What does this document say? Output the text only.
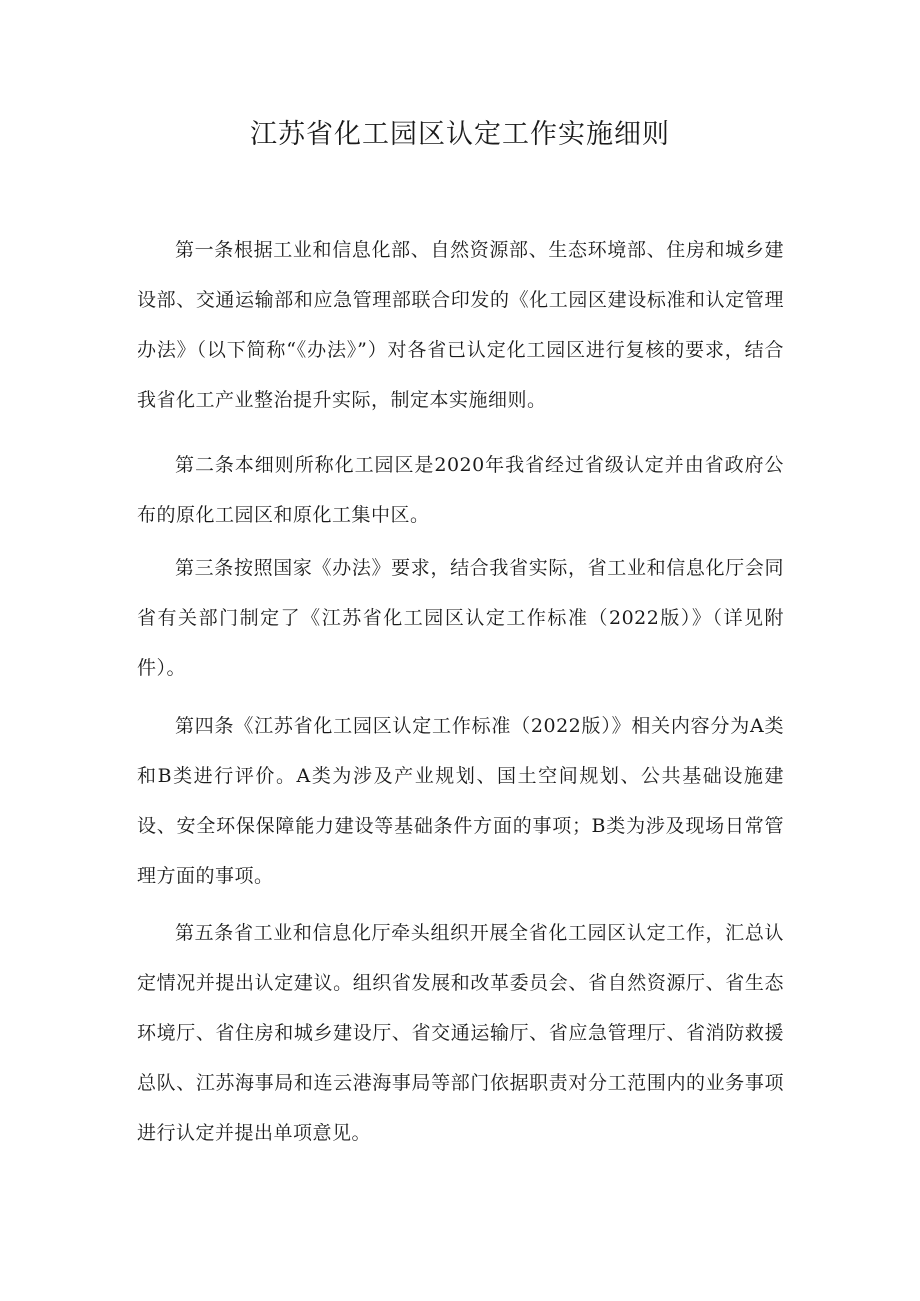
江苏省化工园区认定工作实施细则

第一条根据工业和信息化部、自然资源部、生态环境部、住房和城乡建设部、交通运输部和应急管理部联合印发的《化工园区建设标准和认定管理办法》（以下简称“《办法》”）对各省已认定化工园区进行复核的要求，结合我省化工产业整治提升实际，制定本实施细则。

第二条本细则所称化工园区是2020年我省经过省级认定并由省政府公布的原化工园区和原化工集中区。

第三条按照国家《办法》要求，结合我省实际，省工业和信息化厅会同省有关部门制定了《江苏省化工园区认定工作标准（2022版）》（详见附件）。

第四条《江苏省化工园区认定工作标准（2022版）》相关内容分为A类和B类进行评价。A类为涉及产业规划、国土空间规划、公共基础设施建设、安全环保保障能力建设等基础条件方面的事项；B类为涉及现场日常管理方面的事项。

第五条省工业和信息化厅牵头组织开展全省化工园区认定工作，汇总认定情况并提出认定建议。组织省发展和改革委员会、省自然资源厅、省生态环境厅、省住房和城乡建设厅、省交通运输厅、省应急管理厅、省消防救援总队、江苏海事局和连云港海事局等部门依据职责对分工范围内的业务事项进行认定并提出单项意见。
